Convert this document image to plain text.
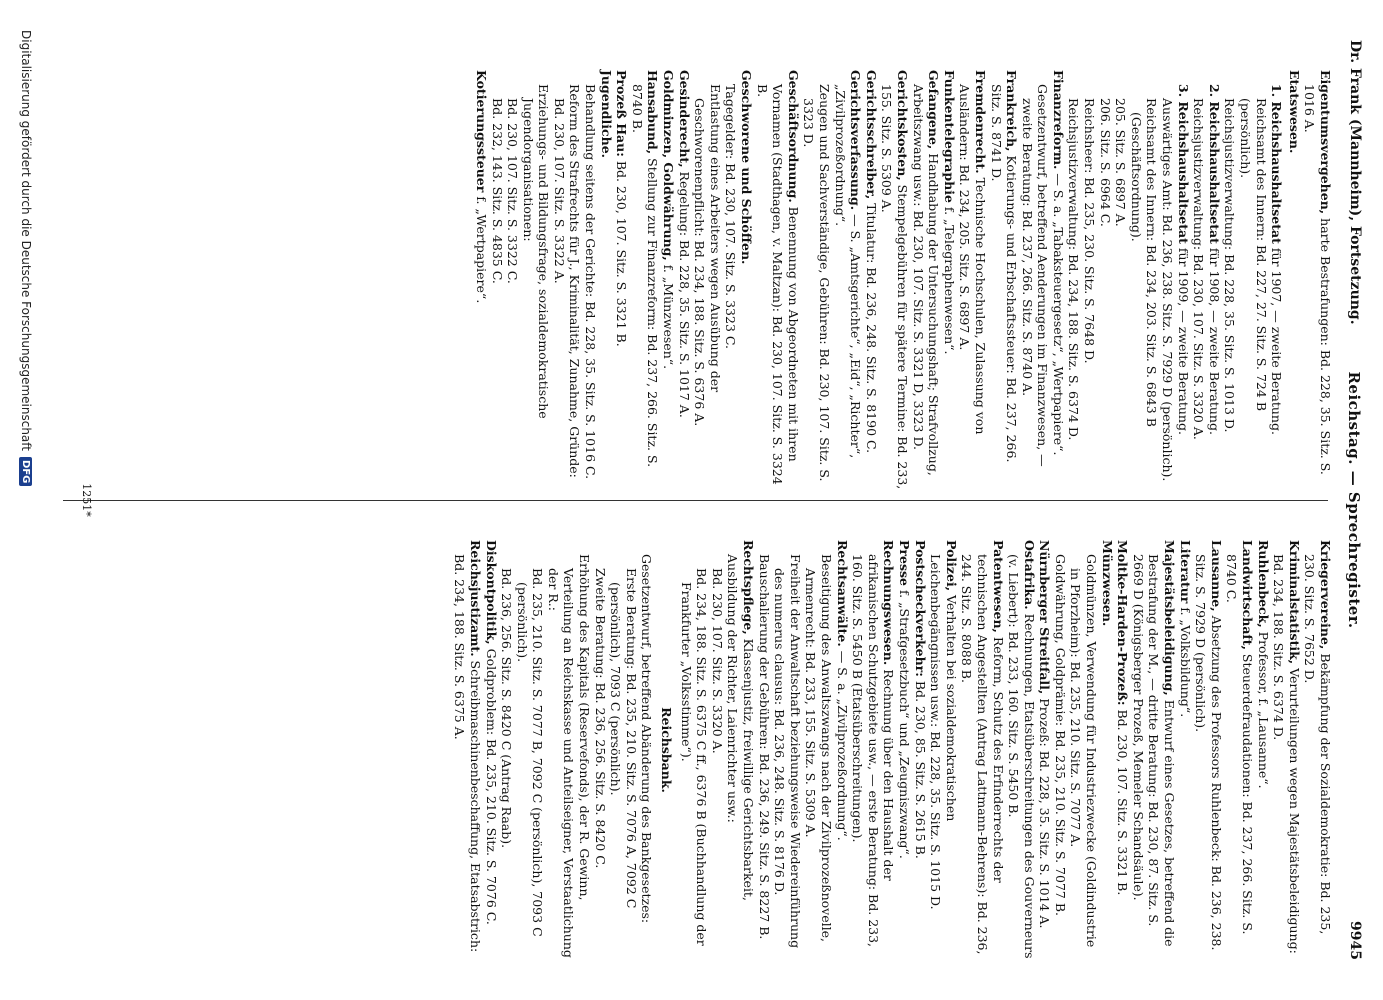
Dr. Frank (Mannheim), Fortsetzung.
Reichstag. — Sprechregister.
9945

Eigentumsvergehen, harte Bestrafungen: Bd. 228, 35. Sitz. S. 1016 A.

Etatswesen.

1. Reichshaushaltsetat für 1907, — zweite Beratung. Reichsamt des Innern: Bd. 227, 27. Sitz. S. 724 B (persönlich).

Reichsjustizverwaltung: Bd. 228, 35. Sitz. S. 1013 D.

2. Reichshaushaltsetat für 1908, — zweite Beratung. Reichsjustizverwaltung: Bd. 230, 107. Sitz. S. 3320 A.

3. Reichshaushaltsetat für 1909, — zweite Beratung. Auswärtiges Amt: Bd. 236, 238. Sitz. S. 7929 D (persönlich).

Reichsamt des Innern: Bd. 234, 203. Sitz. S. 6843 B (Geschäftsordnung).

205. Sitz. S. 6897 A.

206. Sitz. S. 6964 C.

Reichsheer: Bd. 235, 230. Sitz. S. 7648 D.

Reichsjustizverwaltung: Bd. 234, 188. Sitz. S. 6374 D.

Finanzreform. — S. a. „Tabaksteuergesetz“, „Wertpapiere“.

Gesetzentwurf, betreffend Aenderungen im Finanzwesen, — zweite Beratung: Bd. 237, 266. Sitz. S. 8740 A.

Frankreich, Kotierungs- und Erbschaftssteuer: Bd. 237, 266. Sitz. S. 8741 D.

Fremdenrecht. Technische Hochschulen, Zulassung von Ausländern: Bd. 234, 205. Sitz. S. 6897 A.

Funkentelegraphie f. „Telegraphenwesen“.

Gefangene, Handhabung der Untersuchungshaft; Strafvollzug, Arbeitszwang usw.: Bd. 230, 107. Sitz. S. 3321 D, 3323 D.

Gerichtskosten, Stempelgebühren für spätere Termine: Bd. 233, 155. Sitz. S. 5309 A.

Gerichtsschreiber, Titulatur: Bd. 236, 248. Sitz. S. 8190 C.

Gerichtsverfassung. — S. „Amtsgerichte“, „Eid“, „Richter“, „Zivilprozeßordnung“.

Zeugen und Sachverständige, Gebühren: Bd. 230, 107. Sitz. S. 3323 D.

Geschäftsordnung. Benennung von Abgeordneten mit ihren Vornamen (Stadthagen, v. Maltzan): Bd. 230, 107. Sitz. S. 3324 B.

Geschworene und Schöffen.

Tagegelder: Bd. 230, 107. Sitz. S. 3323 C.

Entlastung eines Arbeiters wegen Ausübung der Geschworenenpflicht: Bd. 234, 188. Sitz. S. 6376 A.

Gesinderecht, Regelung: Bd. 228, 35. Sitz. S. 1017 A.

Goldminzen, Goldwährung, f. „Münzwesen“.

Hansabund, Stellung zur Finanzreform: Bd. 237, 266. Sitz. S. 8740 B.

Prozeß Hau: Bd. 230, 107. Sitz. S. 3321 B.

Jugendliche.

Behandlung seitens der Gerichte: Bd. 228, 35. Sitz. S. 1016 C.

Reform des Strafrechts für J., Kriminalität, Zunahme, Gründe: Bd. 230, 107. Sitz. S. 3322 A.

Erziehungs- und Bildungsfrage, sozialdemokratische Jugendorganisationen:

Bd. 230, 107. Sitz. S. 3322 C.

Bd. 232, 143. Sitz. S. 4835 C.

Kotierungssteuer f. „Wertpapiere“.

Kriegervereine, Bekämpfung der Sozialdemokratie: Bd. 235, 230. Sitz. S. 7652 D.

Kriminalstatistik, Verurteilungen wegen Majestätsbeleidigung: Bd. 234, 188. Sitz. S. 6374 D.

Ruhlenbeck, Professor, f. „Lausanne“.

Landwirtschaft, Steuerdefraudationen: Bd. 237, 266. Sitz. S. 8740 C.

Lausanne, Absetzung des Professors Ruhlenbeck: Bd. 236, 238. Sitz. S. 7929 D (persönlich).

Literatur f. „Volksbildung“.

Majestätsbeleidigung, Entwurf eines Gesetzes, betreffend die Bestrafung der M., — dritte Beratung: Bd. 230, 87. Sitz. S. 2669 D (Königsberger Prozeß, Memeler Schandsäule).

Moltke-Harden-Prozeß: Bd. 230, 107. Sitz. S. 3321 B.

Münzwesen.

Goldmünzen, Verwendung für Industriezwecke (Goldindustrie in Pforzheim): Bd. 235, 210. Sitz. S. 7077 A.

Goldwährung, Goldprämie: Bd. 235, 210. Sitz. S. 7077 B.

Nürnberger Streitfall, Prozeß: Bd. 228, 35. Sitz. S. 1014 A.

Ostafrika. Rechnungen, Etatsüberschreitungen des Gouverneurs (v. Liebert): Bd. 233, 160. Sitz. S. 5450 B.

Patentwesen, Reform, Schutz des Erfinderrechts der technischen Angestellten (Antrag Lattmann-Behrens): Bd. 236, 244. Sitz. S. 8088 B.

Polizei, Verhalten bei sozialdemokratischen Leichenbegängnissen usw.: Bd. 228, 35. Sitz. S. 1015 D.

Postscheckverkehr: Bd. 230, 85. Sitz. S. 2615 B.

Presse f. „Strafgesetzbuch“ und „Zeugniszwang“.

Rechnungswesen. Rechnung über den Haushalt der afrikanischen Schutzgebiete usw., — erste Beratung: Bd. 233, 160. Sitz. S. 5450 B (Etatsüberschreitungen).

Rechtsanwälte. — S. a. „Zivilprozeßordnung“.

Beseitigung des Anwaltszwangs nach der Zivilprozeßnovelle, Armenrecht: Bd. 233, 155. Sitz. S. 5309 A.

Freiheit der Anwaltschaft beziehungsweise Wiedereinführung des numerus clausus: Bd. 236, 248. Sitz. S. 8176 D.

Bauschalierung der Gebühren: Bd. 236, 249. Sitz. S. 8227 B.

Rechtspflege, Klassenjustiz, freiwillige Gerichtsbarkeit, Ausbildung der Richter, Laienrichter usw.:

Bd. 230, 107. Sitz. S. 3320 A.

Bd. 234, 188. Sitz. S. 6375 C ff., 6376 B (Buchhandlung der Frankfurter „Volksstimme“).

Reichsbank.

Gesetzentwurf, betreffend Abänderung des Bankgesetzes:

Erste Beratung: Bd. 235, 210. Sitz. S. 7076 A, 7092 C (persönlich), 7093 C (persönlich).

Zweite Beratung: Bd. 236, 256. Sitz. S. 8420 C.

Erhöhung des Kapitals (Reservefonds), der R. Gewinn, Verteilung an Reichskasse und Anteilseigner, Verstaatlichung der R.:

Bd. 235, 210. Sitz. S. 7077 B, 7092 C (persönlich), 7093 C (persönlich).

Bd. 236, 256. Sitz. S. 8420 C (Antrag Raab).

Diskontpolitik, Goldproblem: Bd. 235, 210. Sitz. S. 7076 C.

Reichsjustizamt. Schreibmaschinenbeschaffung, Etatsabstrich: Bd. 234, 188. Sitz. S. 6375 A.

1251*
Digitalisierung gefördert durch die Deutsche Forschungsgemeinschaft
DFG
